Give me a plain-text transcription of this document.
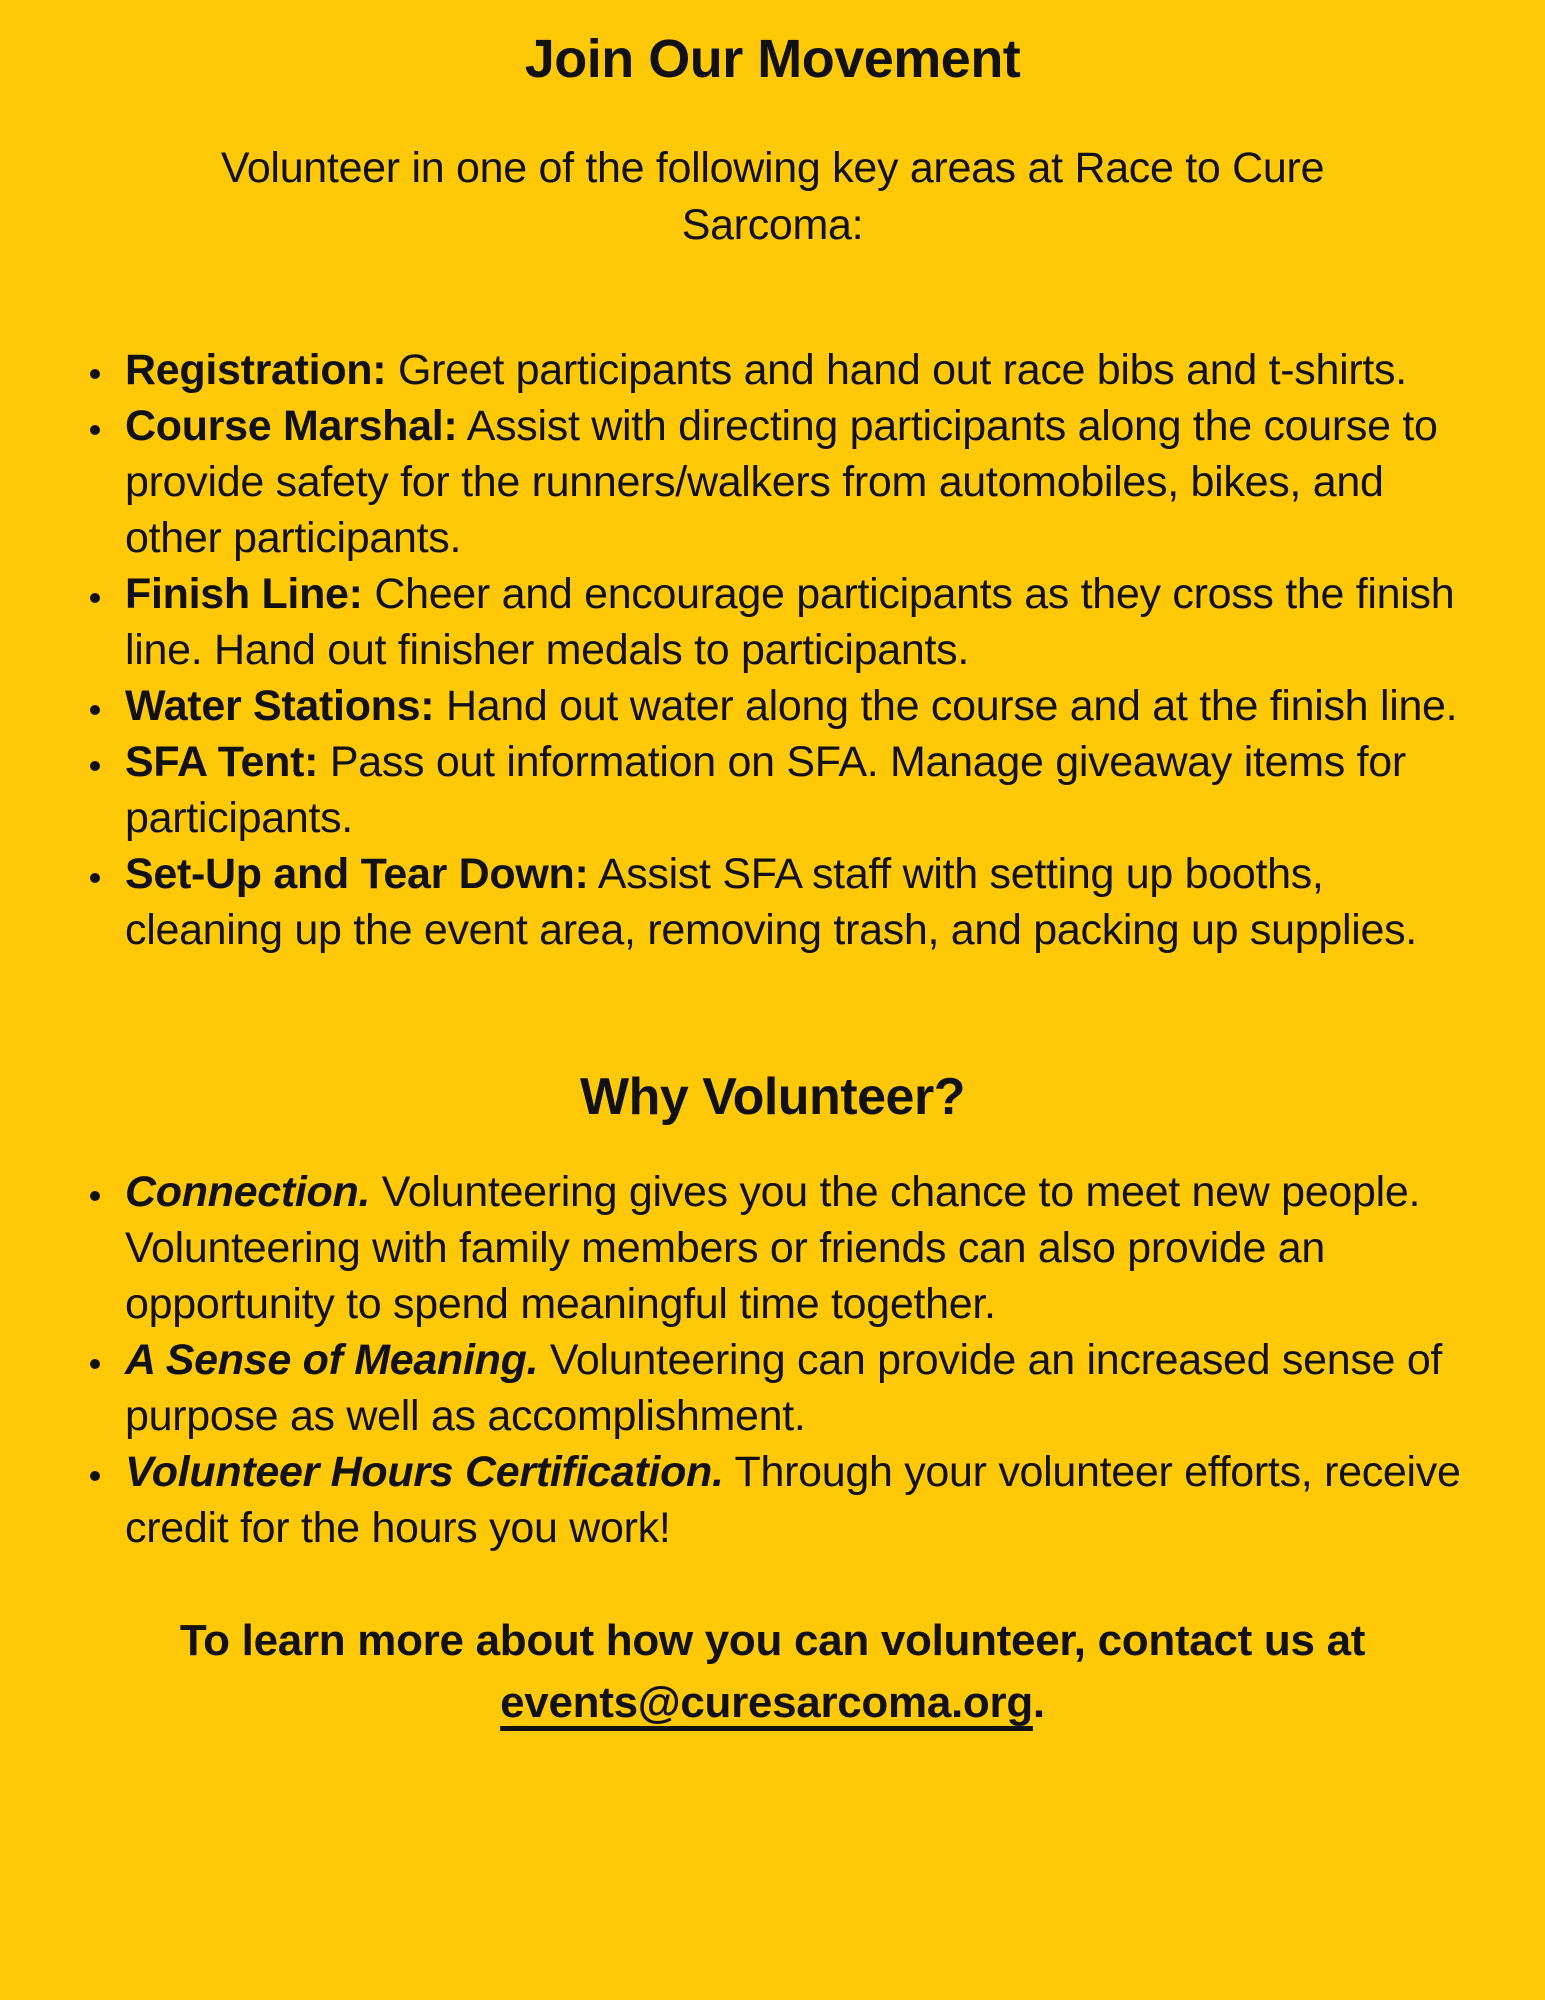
Join Our Movement

Volunteer in one of the following key areas at Race to Cure Sarcoma:

• Registration: Greet participants and hand out race bibs and t-shirts.
• Course Marshal: Assist with directing participants along the course to provide safety for the runners/walkers from automobiles, bikes, and other participants.
• Finish Line: Cheer and encourage participants as they cross the finish line. Hand out finisher medals to participants.
• Water Stations: Hand out water along the course and at the finish line.
• SFA Tent: Pass out information on SFA. Manage giveaway items for participants.
• Set-Up and Tear Down: Assist SFA staff with setting up booths, cleaning up the event area, removing trash, and packing up supplies.
Why Volunteer?
• Connection. Volunteering gives you the chance to meet new people. Volunteering with family members or friends can also provide an opportunity to spend meaningful time together.
• A Sense of Meaning. Volunteering can provide an increased sense of purpose as well as accomplishment.
• Volunteer Hours Certification. Through your volunteer efforts, receive credit for the hours you work!

To learn more about how you can volunteer, contact us at events@curesarcoma.org.
